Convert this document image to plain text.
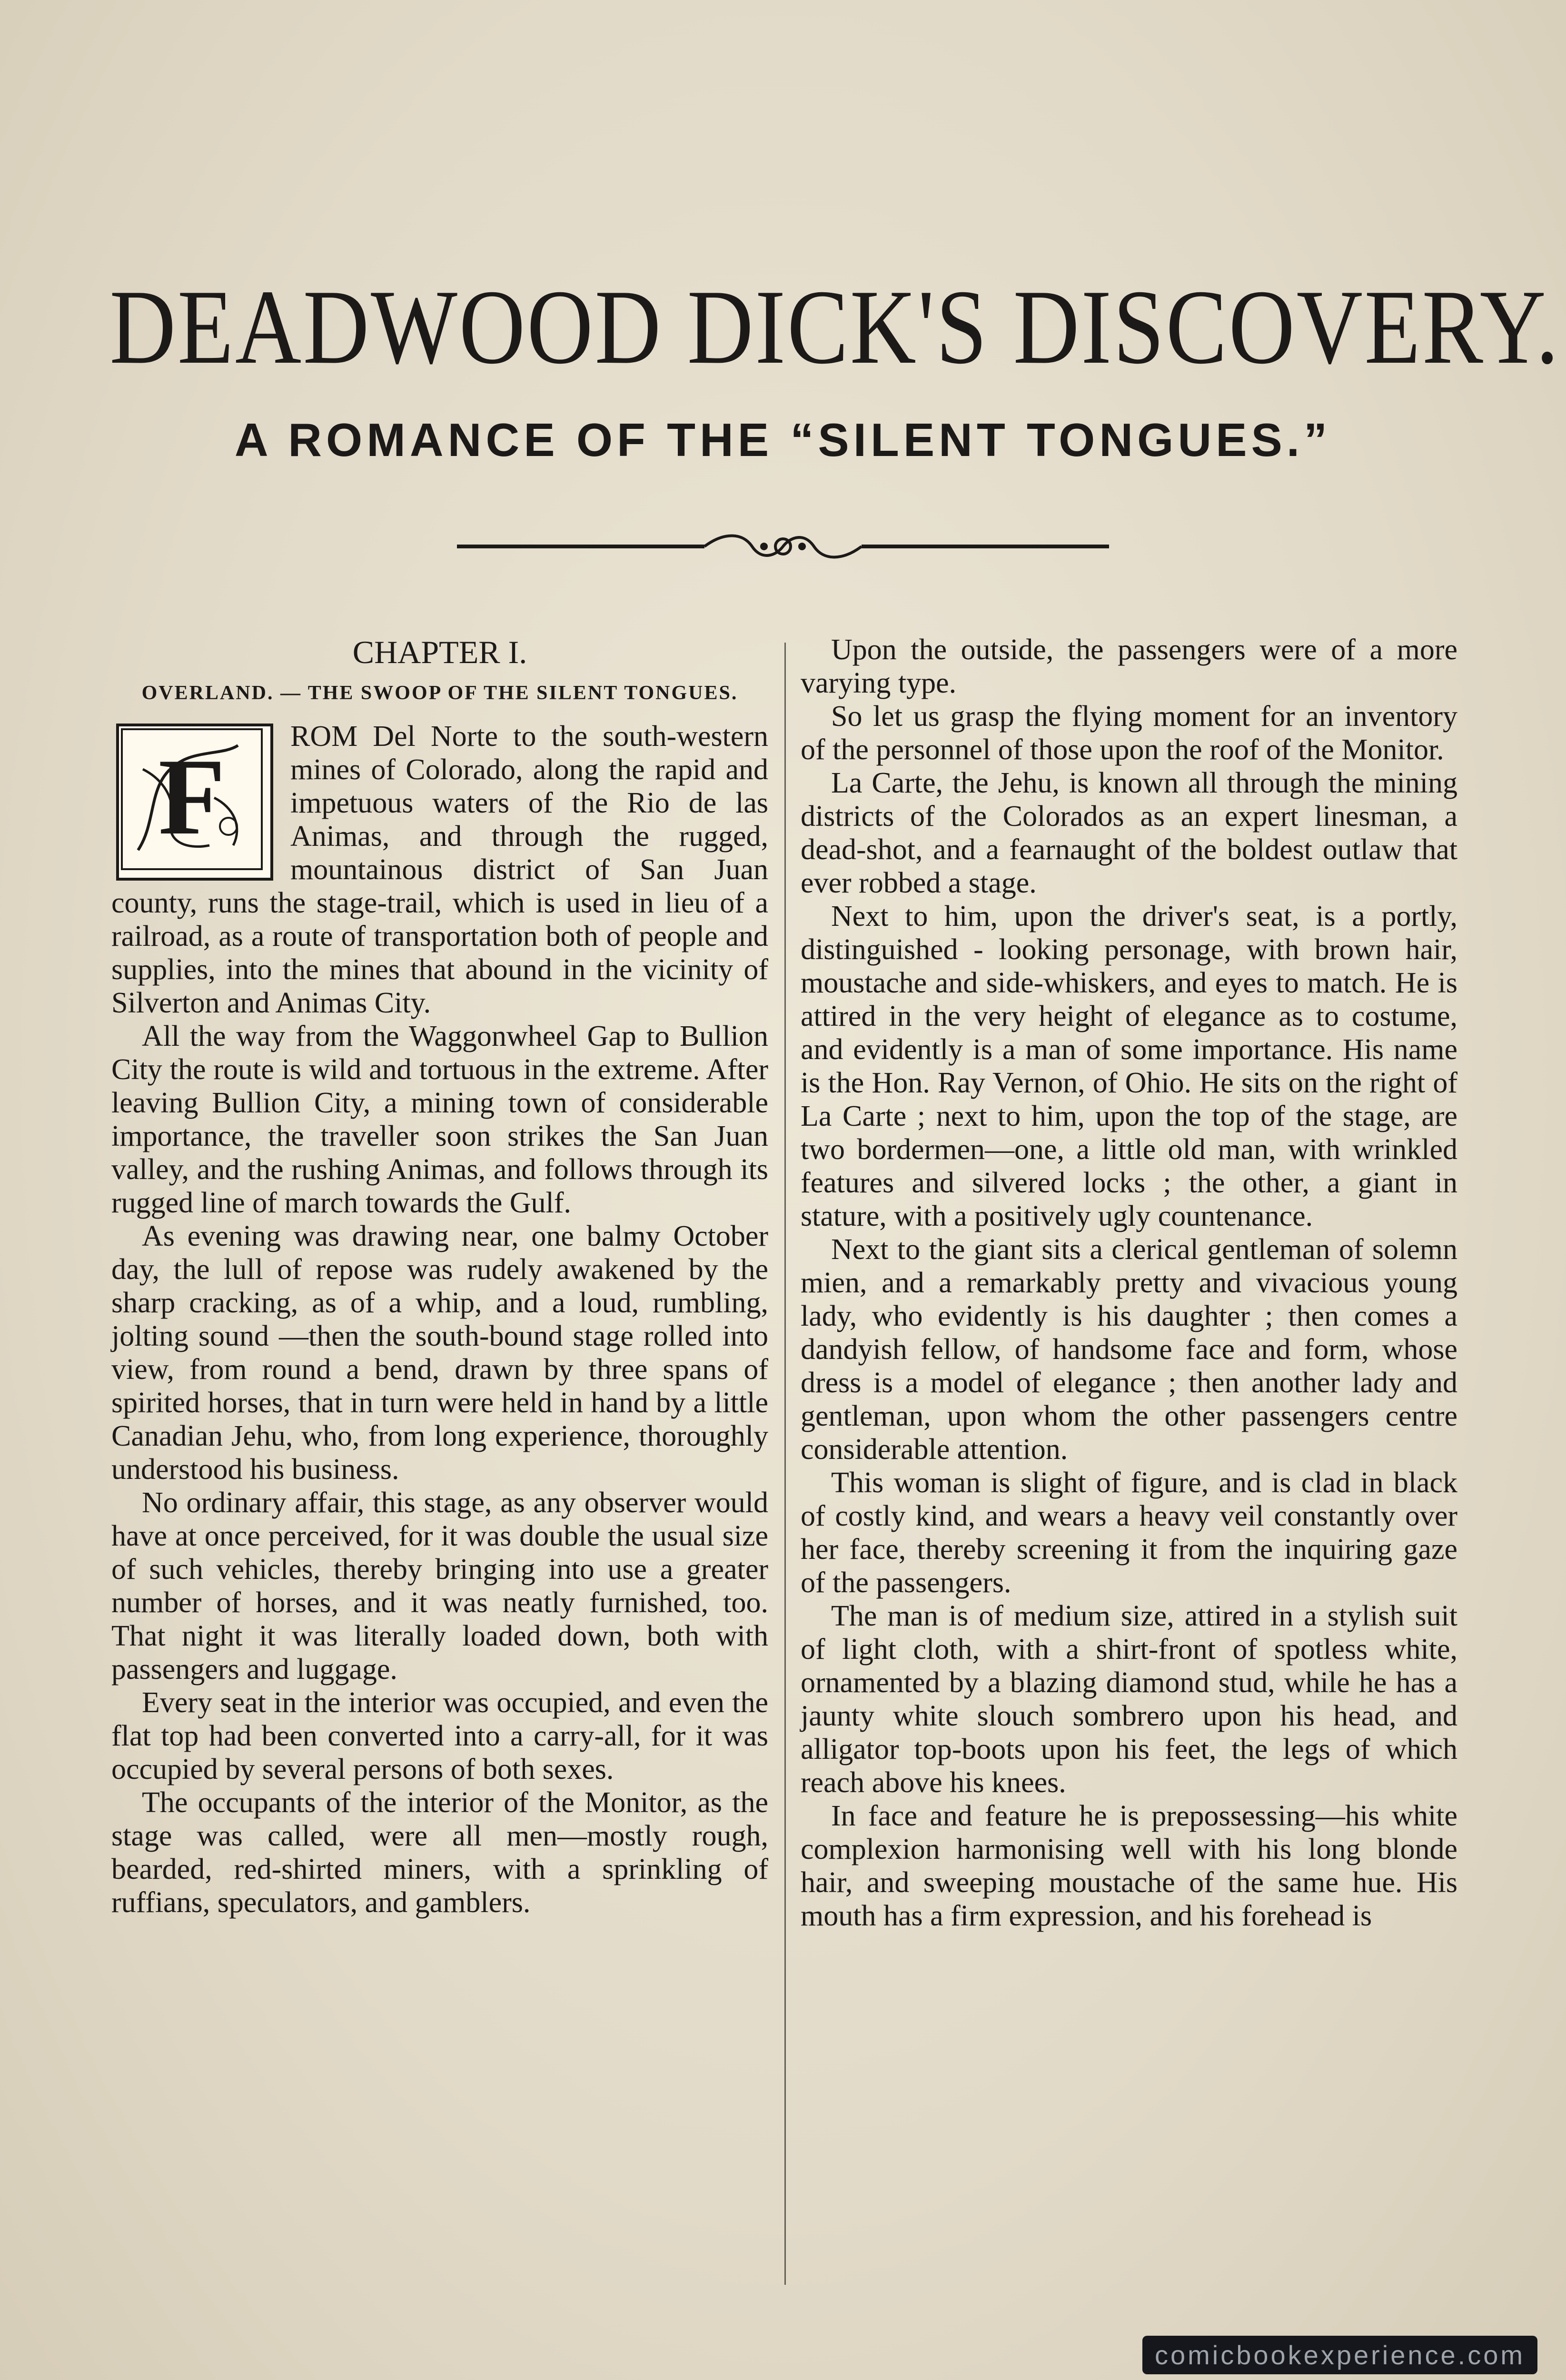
DEADWOOD DICK'S DISCOVERY.
A ROMANCE OF THE “SILENT TONGUES.”
CHAPTER I.
OVERLAND. — THE SWOOP OF THE SILENT TONGUES.
F	ROM Del Norte to the south-western mines of Colorado, along the rapid and impetuous waters of the Rio de las Animas, and through the rugged, mountainous district of San Juan county, runs the stage-trail, which is used in lieu of a railroad, as a route of transportation both of people and supplies, into the mines that abound in the vicinity of Silverton and Animas City.

All the way from the Waggonwheel Gap to Bullion City the route is wild and tortuous in the extreme. After leaving Bullion City, a mining town of considerable importance, the traveller soon strikes the San Juan valley, and the rushing Animas, and follows through its rugged line of march towards the Gulf.

As evening was drawing near, one balmy October day, the lull of repose was rudely awakened by the sharp cracking, as of a whip, and a loud, rumbling, jolting sound —then the south-bound stage rolled into view, from round a bend, drawn by three spans of spirited horses, that in turn were held in hand by a little Canadian Jehu, who, from long experience, thoroughly understood his business.

No ordinary affair, this stage, as any observer would have at once perceived, for it was double the usual size of such vehicles, thereby bringing into use a greater number of horses, and it was neatly furnished, too. That night it was literally loaded down, both with passengers and luggage.

Every seat in the interior was occupied, and even the flat top had been converted into a carry-all, for it was occupied by several persons of both sexes.

The occupants of the interior of the Monitor, as the stage was called, were all men—mostly rough, bearded, red-shirted miners, with a sprinkling of ruffians, speculators, and gamblers.

Upon the outside, the passengers were of a more varying type.

So let us grasp the flying moment for an inventory of the personnel of those upon the roof of the Monitor.

La Carte, the Jehu, is known all through the mining districts of the Colorados as an expert linesman, a dead-shot, and a fearnaught of the boldest outlaw that ever robbed a stage.

Next to him, upon the driver's seat, is a portly, distinguished - looking personage, with brown hair, moustache and side-whiskers, and eyes to match. He is attired in the very height of elegance as to costume, and evidently is a man of some importance. His name is the Hon. Ray Vernon, of Ohio. He sits on the right of La Carte ; next to him, upon the top of the stage, are two bordermen—one, a little old man, with wrinkled features and silvered locks ; the other, a giant in stature, with a positively ugly countenance.

Next to the giant sits a clerical gentleman of solemn mien, and a remarkably pretty and vivacious young lady, who evidently is his daughter ; then comes a dandyish fellow, of handsome face and form, whose dress is a model of elegance ; then another lady and gentleman, upon whom the other passengers centre considerable attention.

This woman is slight of figure, and is clad in black of costly kind, and wears a heavy veil constantly over her face, thereby screening it from the inquiring gaze of the passengers.

The man is of medium size, attired in a stylish suit of light cloth, with a shirt-front of spotless white, ornamented by a blazing diamond stud, while he has a jaunty white slouch sombrero upon his head, and alligator top-boots upon his feet, the legs of which reach above his knees.

In face and feature he is prepossessing—his white complexion harmonising well with his long blonde hair, and sweeping moustache of the same hue. His mouth has a firm expression, and his forehead is

comicbookexperience.com
